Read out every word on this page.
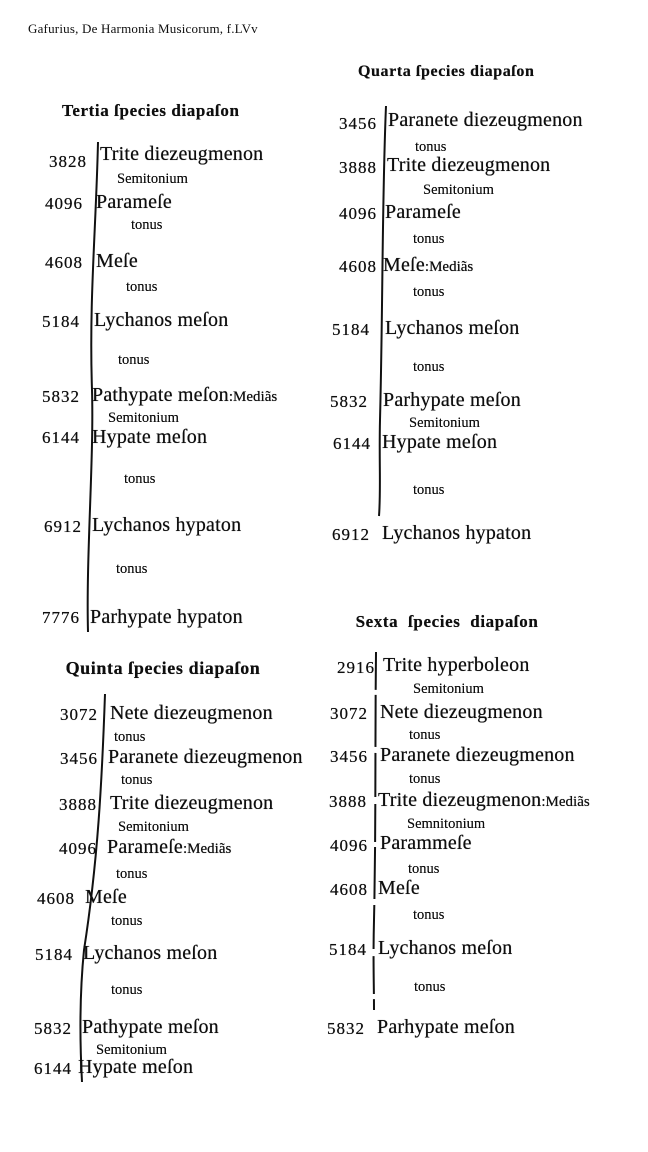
Gafurius, De Harmonia Musicorum, f.LVv
Tertia ſpecies diapaſon
3828 Trite diezeugmenon
Semitonium
4096 Parameſe
tonus
4608 Meſe
tonus
5184 Lychanos meſon
tonus
5832 Pathypate meſon:Mediãs
Semitonium
6144 Hypate meſon
tonus
6912 Lychanos hypaton
tonus
7776 Parhypate hypaton
Quarta ſpecies diapaſon
3456 Paranete diezeugmenon
tonus
3888 Trite diezeugmenon
Semitonium
4096 Parameſe
tonus
4608 Meſe:Mediãs
tonus
5184 Lychanos meſon
tonus
5832 Parhypate meſon
Semitonium
6144 Hypate meſon
tonus
6912 Lychanos hypaton
Quinta ſpecies diapaſon
3072 Nete diezeugmenon
tonus
3456 Paranete diezeugmenon
tonus
3888 Trite diezeugmenon
Semitonium
4096 Parameſe:Mediãs
tonus
4608 Meſe
tonus
5184 Lychanos meſon
tonus
5832 Pathypate meſon
Semitonium
6144 Hypate meſon
Sexta ſpecies diapaſon
2916 Trite hyperboleon
Semitonium
3072 Nete diezeugmenon
tonus
3456 Paranete diezeugmenon
tonus
3888 Trite diezeugmenon:Mediãs
Semnitonium
4096 Parammeſe
tonus
4608 Meſe
tonus
5184 Lychanos meſon
tonus
5832 Parhypate meſon
